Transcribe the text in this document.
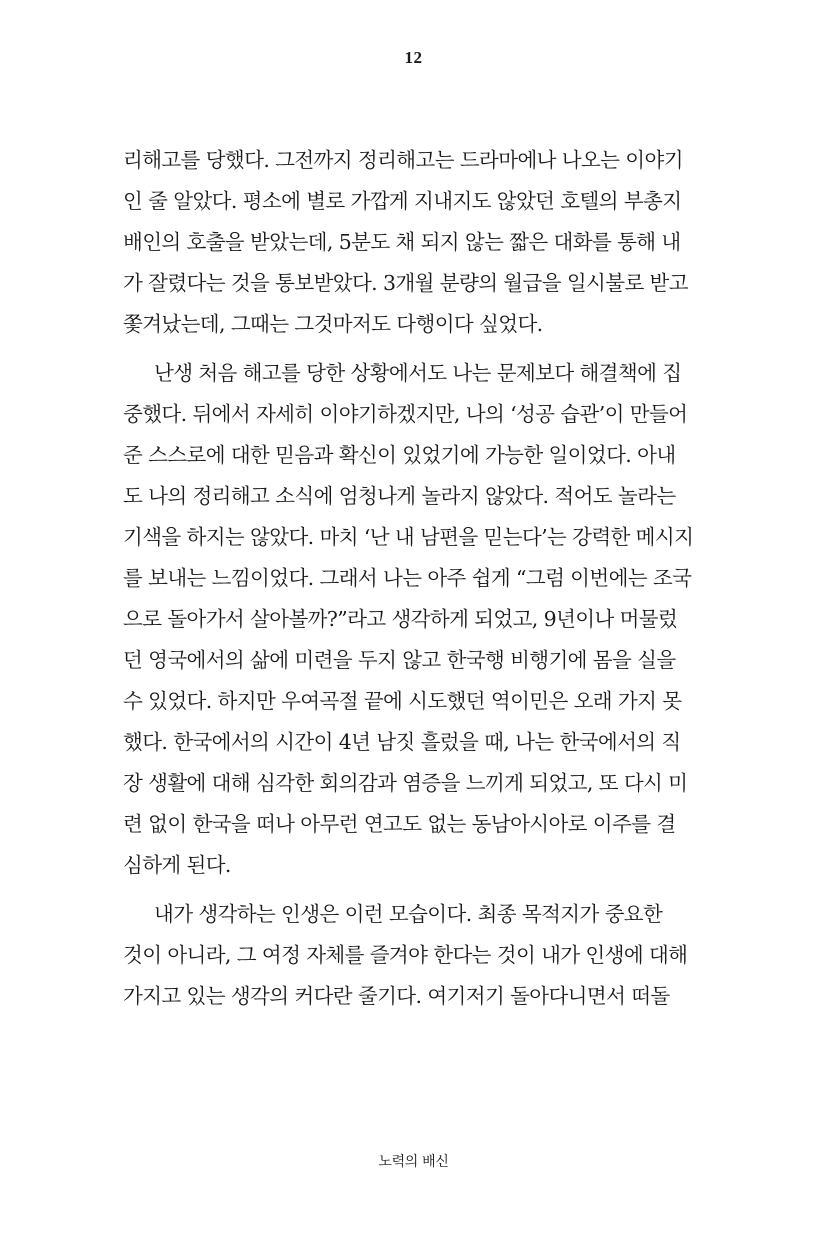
12
리해고를 당했다. 그전까지 정리해고는 드라마에나 나오는 이야기
인 줄 알았다. 평소에 별로 가깝게 지내지도 않았던 호텔의 부총지
배인의 호출을 받았는데, 5분도 채 되지 않는 짧은 대화를 통해 내
가 잘렸다는 것을 통보받았다. 3개월 분량의 월급을 일시불로 받고
쫓겨났는데, 그때는 그것마저도 다행이다 싶었다.
난생 처음 해고를 당한 상황에서도 나는 문제보다 해결책에 집
중했다. 뒤에서 자세히 이야기하겠지만, 나의 ‘성공 습관’이 만들어
준 스스로에 대한 믿음과 확신이 있었기에 가능한 일이었다. 아내
도 나의 정리해고 소식에 엄청나게 놀라지 않았다. 적어도 놀라는
기색을 하지는 않았다. 마치 ‘난 내 남편을 믿는다’는 강력한 메시지
를 보내는 느낌이었다. 그래서 나는 아주 쉽게 “그럼 이번에는 조국
으로 돌아가서 살아볼까?”라고 생각하게 되었고, 9년이나 머물렀
던 영국에서의 삶에 미련을 두지 않고 한국행 비행기에 몸을 실을
수 있었다. 하지만 우여곡절 끝에 시도했던 역이민은 오래 가지 못
했다. 한국에서의 시간이 4년 남짓 흘렀을 때, 나는 한국에서의 직
장 생활에 대해 심각한 회의감과 염증을 느끼게 되었고, 또 다시 미
련 없이 한국을 떠나 아무런 연고도 없는 동남아시아로 이주를 결
심하게 된다.
내가 생각하는 인생은 이런 모습이다. 최종 목적지가 중요한
것이 아니라, 그 여정 자체를 즐겨야 한다는 것이 내가 인생에 대해
가지고 있는 생각의 커다란 줄기다. 여기저기 돌아다니면서 떠돌
노력의 배신
